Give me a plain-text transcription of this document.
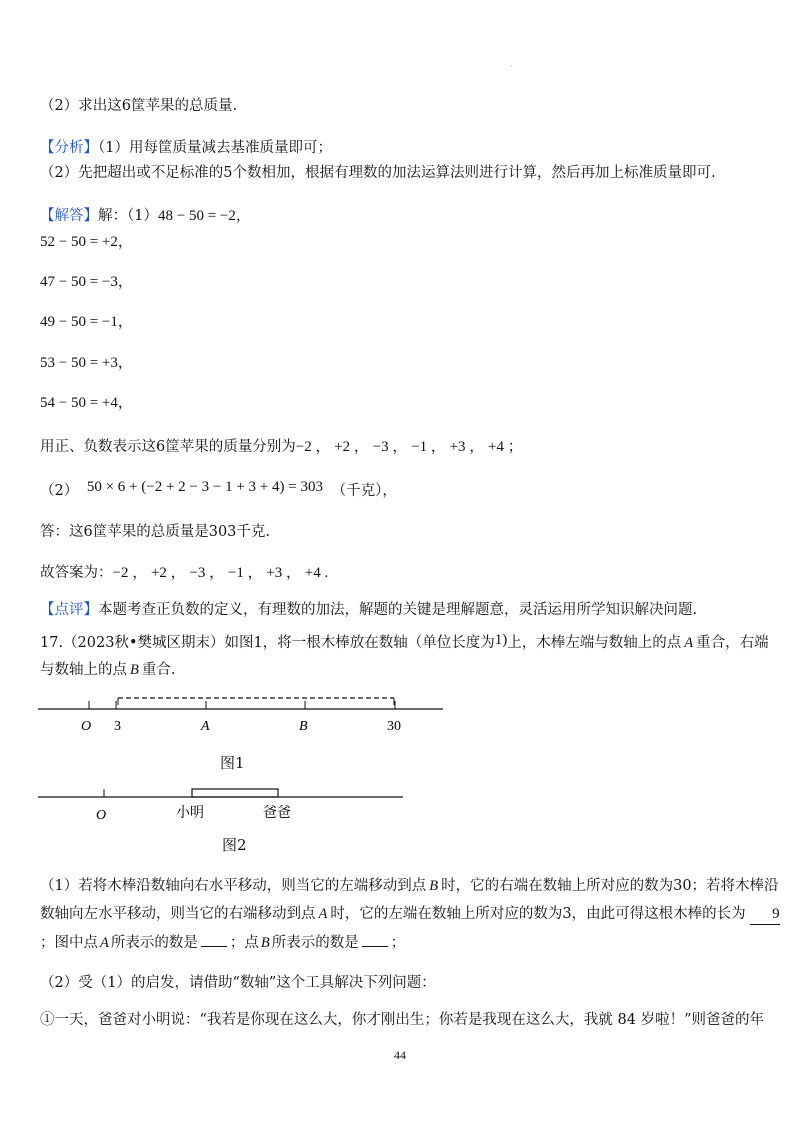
·
（2）求出这6筐苹果的总质量.
【分析】（1）用每筐质量减去基准质量即可；
（2）先把超出或不足标准的5个数相加，根据有理数的加法运算法则进行计算，然后再加上标准质量即可.
【解答】解：（1）48 − 50 = −2，
52 − 50 = +2，
47 − 50 = −3，
49 − 50 = −1，
53 − 50 = +3，
54 − 50 = +4，
用正、负数表示这6筐苹果的质量分别为−2 ， +2 ， −3 ， −1 ， +3 ， +4 ；
（2） 50 × 6 + (−2 + 2 − 3 − 1 + 3 + 4) = 303 （千克），
答：这6筐苹果的总质量是303千克.
故答案为：−2 ， +2 ， −3 ， −1 ， +3 ， +4 .
【点评】本题考查正负数的定义，有理数的加法，解题的关键是理解题意，灵活运用所学知识解决问题.
17.（2023秋•樊城区期末）如图1，将一根木棒放在数轴（单位长度为1)上，木棒左端与数轴上的点 A 重合，右端
与数轴上的点 B 重合.
O 3	A	B	30
图1
O	小明	爸爸
图2
（1）若将木棒沿数轴向右水平移动，则当它的左端移动到点 B 时，它的右端在数轴上所对应的数为30；若将木棒沿
数轴向左水平移动，则当它的右端移动到点 A 时，它的左端在数轴上所对应的数为3，由此可得这根木棒的长为 9
；图中点 A 所表示的数是 ；点 B 所表示的数是 ；
（2）受（1）的启发，请借助“数轴”这个工具解决下列问题：
①一天，爸爸对小明说：“我若是你现在这么大，你才刚出生；你若是我现在这么大，我就 84 岁啦！”则爸爸的年
44
